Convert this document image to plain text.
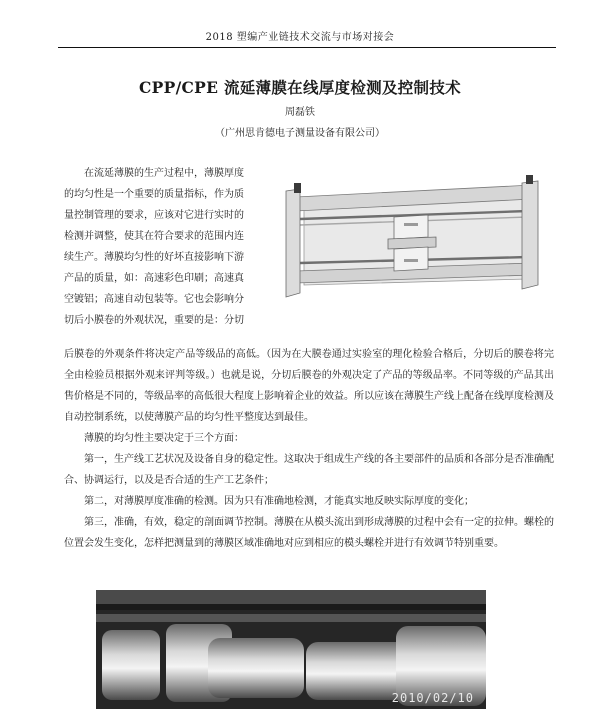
2018 塑编产业链技术交流与市场对接会
CPP/CPE 流延薄膜在线厚度检测及控制技术
周磊铁
（广州思肯德电子测量设备有限公司）

在流延薄膜的生产过程中，薄膜厚度

的均匀性是一个重要的质量指标，作为质

量控制管理的要求，应该对它进行实时的

检测并调整，使其在符合要求的范围内连

续生产。薄膜均匀性的好坏直接影响下游

产品的质量，如：高速彩色印刷；高速真

空镀铝；高速自动包装等。它也会影响分

切后小膜卷的外观状况，重要的是：分切

后膜卷的外观条件将决定产品等级品的高低。（因为在大膜卷通过实验室的理化检验合格后，分切后的膜卷将完全由检验员根据外观来评判等级。）也就是说，分切后膜卷的外观决定了产品的等级品率。不同等级的产品其出售价格是不同的，等级品率的高低很大程度上影响着企业的效益。所以应该在薄膜生产线上配备在线厚度检测及自动控制系统，以使薄膜产品的均匀性平整度达到最佳。

薄膜的均匀性主要决定于三个方面：

第一，生产线工艺状况及设备自身的稳定性。这取决于组成生产线的各主要部件的品质和各部分是否准确配合、协调运行，以及是否合适的生产工艺条件；

第二，对薄膜厚度准确的检测。因为只有准确地检测，才能真实地反映实际厚度的变化；

第三，准确，有效，稳定的剖面调节控制。薄膜在从模头流出到形成薄膜的过程中会有一定的拉伸。螺栓的位置会发生变化，怎样把测量到的薄膜区域准确地对应到相应的模头螺栓并进行有效调节特别重要。

2010/02/10
